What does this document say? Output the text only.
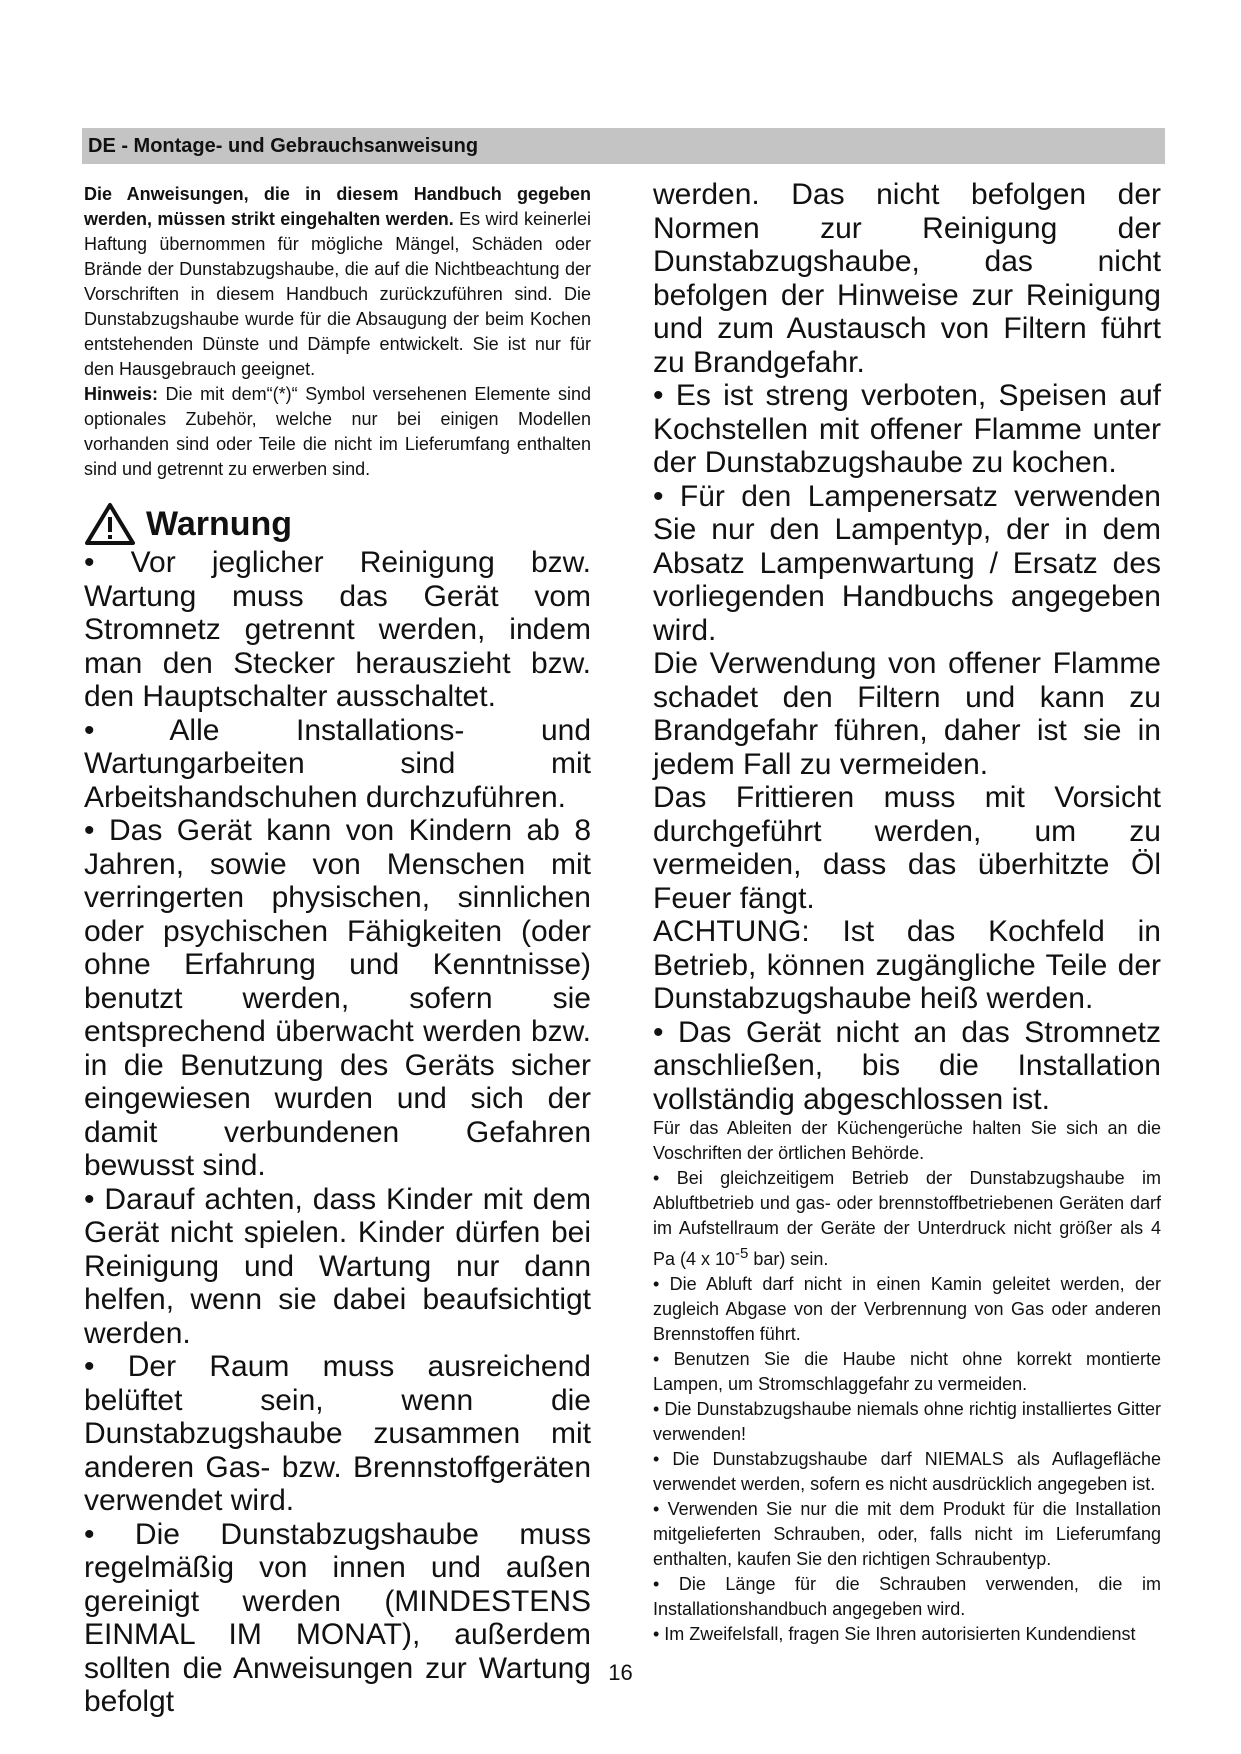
DE - Montage- und Gebrauchsanweisung

Die Anweisungen, die in diesem Handbuch gegeben werden, müssen strikt eingehalten werden. Es wird keinerlei Haftung übernommen für mögliche Mängel, Schäden oder Brände der Dunstabzugshaube, die auf die Nichtbeachtung der Vorschriften in diesem Handbuch zurückzuführen sind. Die Dunstabzugshaube wurde für die Absaugung der beim Kochen entstehenden Dünste und Dämpfe entwickelt. Sie ist nur für den Hausgebrauch geeignet.

Hinweis: Die mit dem“(*)“ Symbol versehenen Elemente sind optionales Zubehör, welche nur bei einigen Modellen vorhanden sind oder Teile die nicht im Lieferumfang enthalten sind und getrennt zu erwerben sind.

Warnung

• Vor jeglicher Reinigung bzw. Wartung muss das Gerät vom Stromnetz getrennt werden, indem man den Stecker herauszieht bzw. den Hauptschalter ausschaltet.

• Alle Installations- und Wartungarbeiten sind mit Arbeitshandschuhen durchzuführen.

• Das Gerät kann von Kindern ab 8 Jahren, sowie von Menschen mit verringerten physischen, sinnlichen oder psychischen Fähigkeiten (oder ohne Erfahrung und Kenntnisse) benutzt werden, sofern sie entsprechend überwacht werden bzw. in die Benutzung des Geräts sicher eingewiesen wurden und sich der damit verbundenen Gefahren bewusst sind.

• Darauf achten, dass Kinder mit dem Gerät nicht spielen. Kinder dürfen bei Reinigung und Wartung nur dann helfen, wenn sie dabei beaufsichtigt werden.

• Der Raum muss ausreichend belüftet sein, wenn die Dunstabzugshaube zusammen mit anderen Gas- bzw. Brennstoffgeräten verwendet wird.

• Die Dunstabzugshaube muss regelmäßig von innen und außen gereinigt werden (MINDESTENS EINMAL IM MONAT), außerdem sollten die Anweisungen zur Wartung befolgt

werden. Das nicht befolgen der Normen zur Reinigung der Dunstabzugshaube, das nicht befolgen der Hinweise zur Reinigung und zum Austausch von Filtern führt zu Brandgefahr.

• Es ist streng verboten, Speisen auf Kochstellen mit offener Flamme unter der Dunstabzugshaube zu kochen.

• Für den Lampenersatz verwenden Sie nur den Lampentyp, der in dem Absatz Lampenwartung / Ersatz des vorliegenden Handbuchs angegeben wird.

Die Verwendung von offener Flamme schadet den Filtern und kann zu Brandgefahr führen, daher ist sie in jedem Fall zu vermeiden.

Das Frittieren muss mit Vorsicht durchgeführt werden, um zu vermeiden, dass das überhitzte Öl Feuer fängt.

ACHTUNG: Ist das Kochfeld in Betrieb, können zugängliche Teile der Dunstabzugshaube heiß werden.

• Das Gerät nicht an das Stromnetz anschließen, bis die Installation vollständig abgeschlossen ist.

Für das Ableiten der Küchengerüche halten Sie sich an die Voschriften der örtlichen Behörde.

• Bei gleichzeitigem Betrieb der Dunstabzugshaube im Abluftbetrieb und gas- oder brennstoffbetriebenen Geräten darf im Aufstellraum der Geräte der Unterdruck nicht größer als 4 Pa (4 x $10^{-5}$ bar) sein.

• Die Abluft darf nicht in einen Kamin geleitet werden, der zugleich Abgase von der Verbrennung von Gas oder anderen Brennstoffen führt.

• Benutzen Sie die Haube nicht ohne korrekt montierte Lampen, um Stromschlaggefahr zu vermeiden.

• Die Dunstabzugshaube niemals ohne richtig installiertes Gitter verwenden!

• Die Dunstabzugshaube darf NIEMALS als Auflagefläche verwendet werden, sofern es nicht ausdrücklich angegeben ist.

• Verwenden Sie nur die mit dem Produkt für die Installation mitgelieferten Schrauben, oder, falls nicht im Lieferumfang enthalten, kaufen Sie den richtigen Schraubentyp.

• Die Länge für die Schrauben verwenden, die im Installationshandbuch angegeben wird.

• Im Zweifelsfall, fragen Sie Ihren autorisierten Kundendienst

16
